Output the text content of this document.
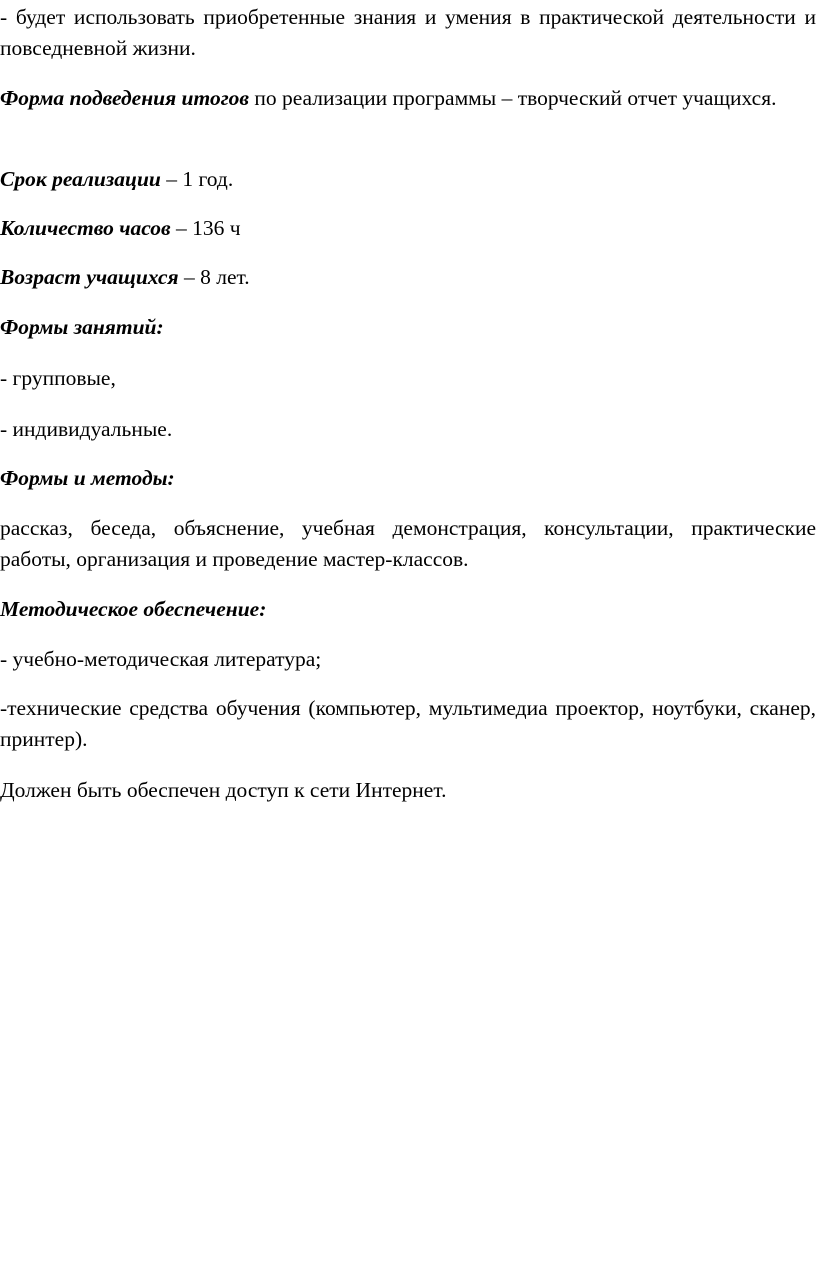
- будет использовать приобретенные знания и умения в практической деятельности и повседневной жизни.

Форма подведения итогов по реализации программы – творческий отчет учащихся.

Срок реализации – 1 год.

Количество часов – 136 ч

Возраст учащихся – 8 лет.

Формы занятий:

- групповые,

- индивидуальные.

Формы и методы:

рассказ, беседа, объяснение, учебная демонстрация, консультации, практические работы, организация и проведение мастер-классов.

Методическое обеспечение:

- учебно-методическая литература;

-технические средства обучения (компьютер, мультимедиа проектор, ноутбуки, сканер, принтер).

Должен быть обеспечен доступ к сети Интернет.
